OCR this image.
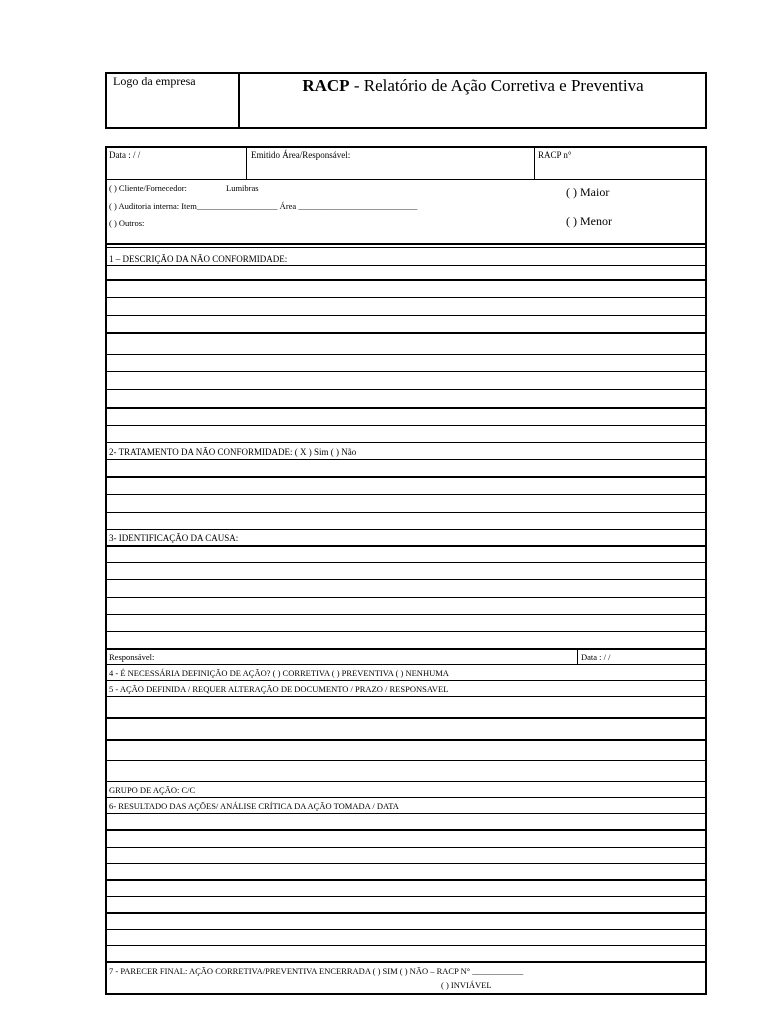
Logo da empresa	RACP - Relatório de Ação Corretiva e Preventiva
Data : / /	Emitido Área/Responsável:	RACP n°
( ) Cliente/Fornecedor:	Lumibras
( ) Auditoria interna: Item___________________ Área ____________________________
( ) Outros:
( ) Maior
( ) Menor
1 – DESCRIÇÃO DA NÃO CONFORMIDADE:
2- TRATAMENTO DA NÃO CONFORMIDADE: ( X ) Sim ( ) Não
3- IDENTIFICAÇÃO DA CAUSA:
Responsável:	Data : / /
4 - É NECESSÁRIA DEFINIÇÃO DE AÇÃO? ( ) CORRETIVA ( ) PREVENTIVA ( ) NENHUMA
5 - AÇÃO DEFINIDA / REQUER ALTERAÇÃO DE DOCUMENTO / PRAZO / RESPONSAVEL
GRUPO DE AÇÃO: C/C
6- RESULTADO DAS AÇÕES/ ANÁLISE CRÍTICA DA AÇÃO TOMADA / DATA
7 - PARECER FINAL: AÇÃO CORRETIVA/PREVENTIVA ENCERRADA ( ) SIM ( ) NÃO – RACP N° ____________
( ) INVIÁVEL
